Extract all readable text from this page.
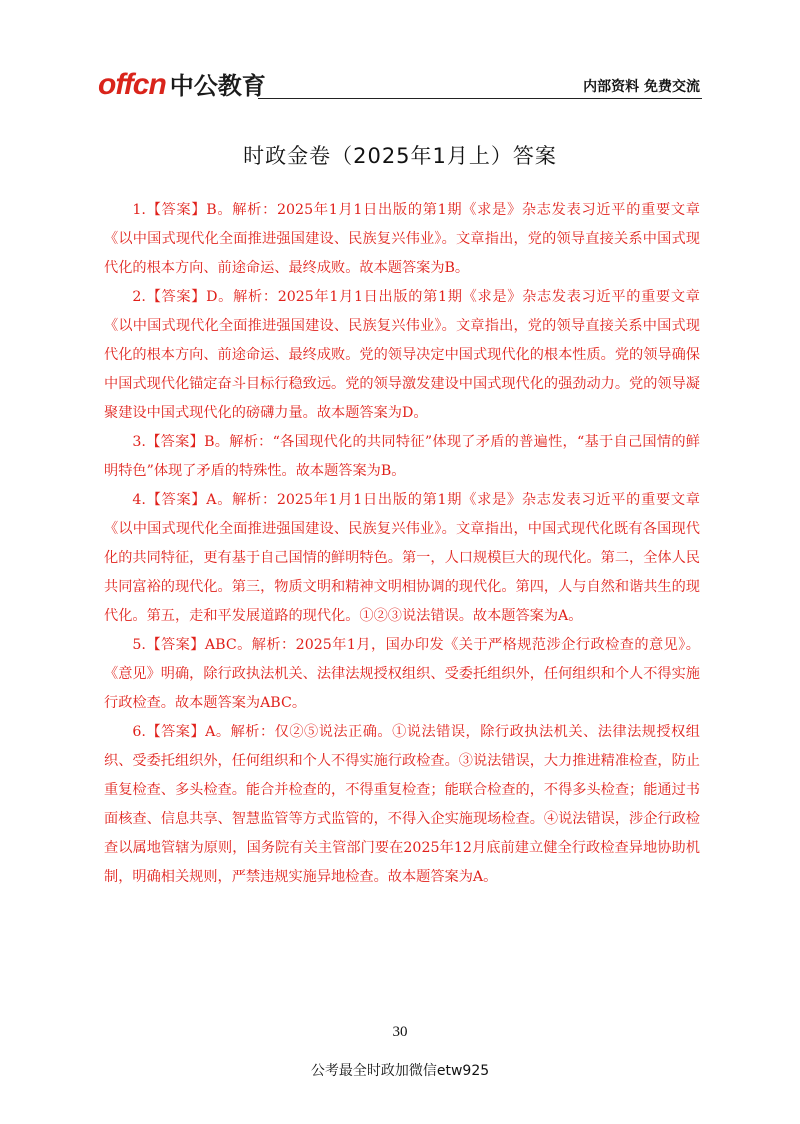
offcn 中公教育	内部资料 免费交流
时政金卷（2025年1月上）答案

1.【答案】B。解析：2025年1月1日出版的第1期《求是》杂志发表习近平的重要文章《以中国式现代化全面推进强国建设、民族复兴伟业》。文章指出，党的领导直接关系中国式现代化的根本方向、前途命运、最终成败。故本题答案为B。

2.【答案】D。解析：2025年1月1日出版的第1期《求是》杂志发表习近平的重要文章《以中国式现代化全面推进强国建设、民族复兴伟业》。文章指出，党的领导直接关系中国式现代化的根本方向、前途命运、最终成败。党的领导决定中国式现代化的根本性质。党的领导确保中国式现代化锚定奋斗目标行稳致远。党的领导激发建设中国式现代化的强劲动力。党的领导凝聚建设中国式现代化的磅礴力量。故本题答案为D。

3.【答案】B。解析：“各国现代化的共同特征”体现了矛盾的普遍性，“基于自己国情的鲜明特色”体现了矛盾的特殊性。故本题答案为B。

4.【答案】A。解析：2025年1月1日出版的第1期《求是》杂志发表习近平的重要文章《以中国式现代化全面推进强国建设、民族复兴伟业》。文章指出，中国式现代化既有各国现代化的共同特征，更有基于自己国情的鲜明特色。第一，人口规模巨大的现代化。第二，全体人民共同富裕的现代化。第三，物质文明和精神文明相协调的现代化。第四，人与自然和谐共生的现代化。第五，走和平发展道路的现代化。①②③说法错误。故本题答案为A。

5.【答案】ABC。解析：2025年1月，国办印发《关于严格规范涉企行政检查的意见》。《意见》明确，除行政执法机关、法律法规授权组织、受委托组织外，任何组织和个人不得实施行政检查。故本题答案为ABC。

6.【答案】A。解析：仅②⑤说法正确。①说法错误，除行政执法机关、法律法规授权组织、受委托组织外，任何组织和个人不得实施行政检查。③说法错误，大力推进精准检查，防止重复检查、多头检查。能合并检查的，不得重复检查；能联合检查的，不得多头检查；能通过书面核查、信息共享、智慧监管等方式监管的，不得入企实施现场检查。④说法错误，涉企行政检查以属地管辖为原则，国务院有关主管部门要在2025年12月底前建立健全行政检查异地协助机制，明确相关规则，严禁违规实施异地检查。故本题答案为A。

30
公考最全时政加微信etw925
